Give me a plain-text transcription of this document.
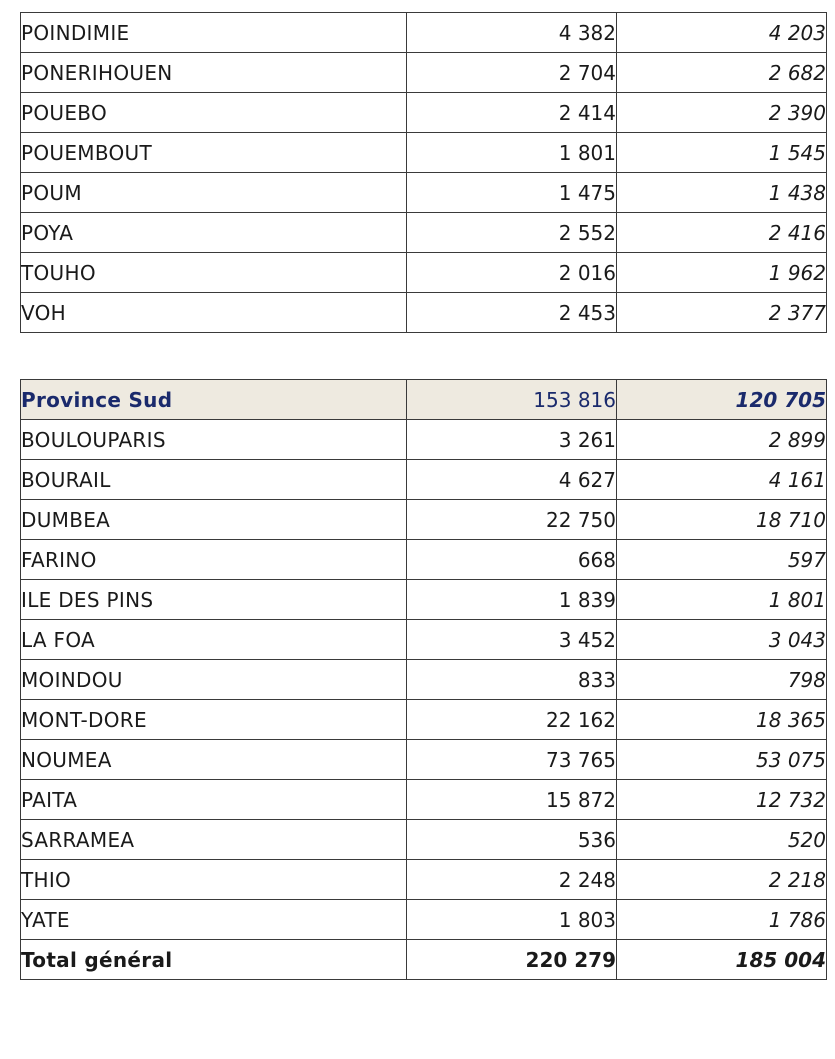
POINDIMIE	4 382	4 203
PONERIHOUEN	2 704	2 682
POUEBO	2 414	2 390
POUEMBOUT	1 801	1 545
POUM	1 475	1 438
POYA	2 552	2 416
TOUHO	2 016	1 962
VOH	2 453	2 377
Province Sud	153 816	120 705
BOULOUPARIS	3 261	2 899
BOURAIL	4 627	4 161
DUMBEA	22 750	18 710
FARINO	668	597
ILE DES PINS	1 839	1 801
LA FOA	3 452	3 043
MOINDOU	833	798
MONT-DORE	22 162	18 365
NOUMEA	73 765	53 075
PAITA	15 872	12 732
SARRAMEA	536	520
THIO	2 248	2 218
YATE	1 803	1 786
Total général	220 279	185 004
